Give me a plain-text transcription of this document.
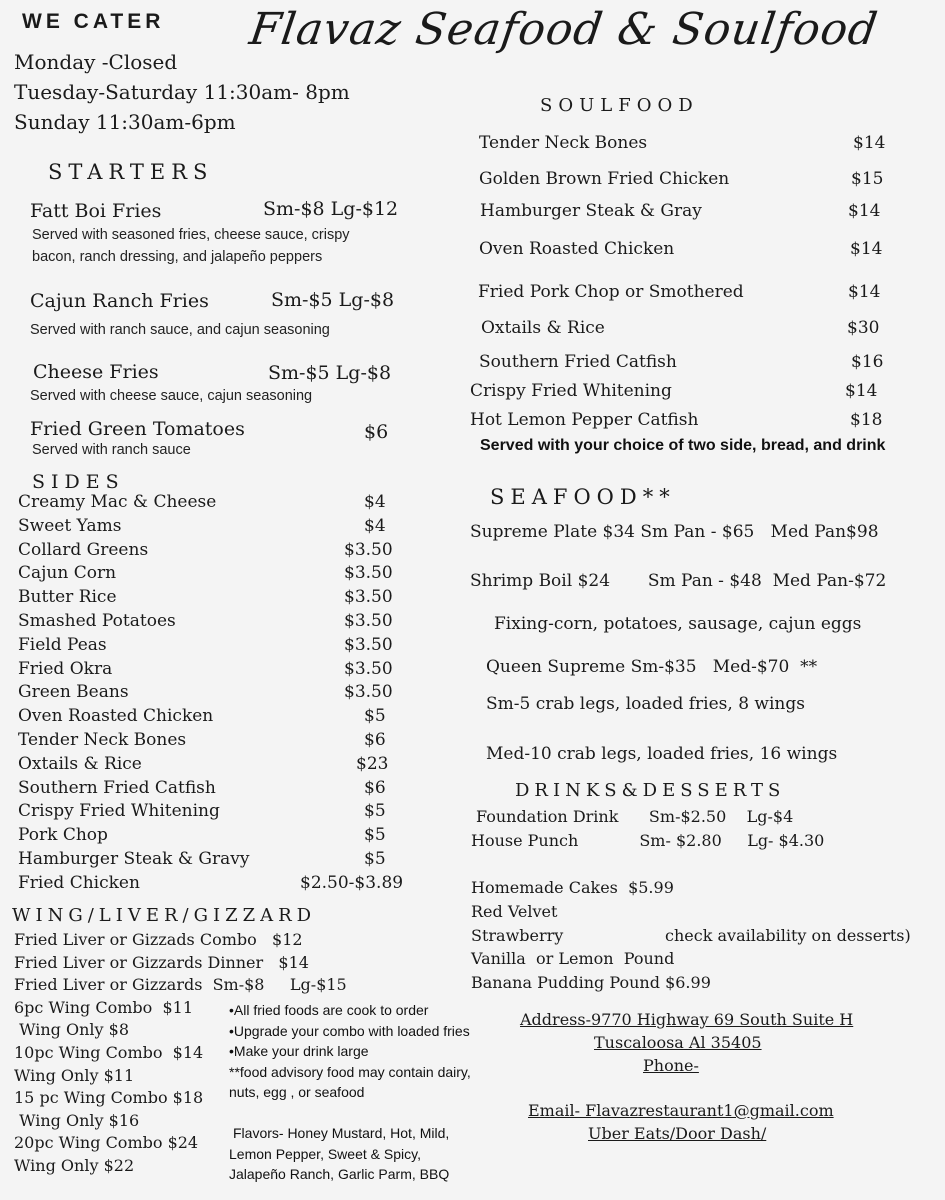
WE CATER Flavaz Seafood & Soulfood
Monday -Closed
Tuesday-Saturday 11:30am- 8pm
Sunday 11:30am-6pm
STARTERS
Fatt Boi Fries	Sm-$8 Lg-$12
Served with seasoned fries, cheese sauce, crispy
bacon, ranch dressing, and jalapeño peppers
Cajun Ranch Fries	Sm-$5 Lg-$8
Served with ranch sauce, and cajun seasoning
Cheese Fries	Sm-$5 Lg-$8
Served with cheese sauce, cajun seasoning
Fried Green Tomatoes	$6
Served with ranch sauce
SIDES
Creamy Mac & Cheese	$4
Sweet Yams	$4
Collard Greens	$3.50
Cajun Corn	$3.50
Butter Rice	$3.50
Smashed Potatoes	$3.50
Field Peas	$3.50
Fried Okra	$3.50
Green Beans	$3.50
Oven Roasted Chicken	$5
Tender Neck Bones	$6
Oxtails & Rice	$23
Southern Fried Catfish	$6
Crispy Fried Whitening	$5
Pork Chop	$5
Hamburger Steak & Gravy	$5
Fried Chicken	$2.50-$3.89
WING/LIVER/GIZZARD
Fried Liver or Gizzads Combo   $12
Fried Liver or Gizzards Dinner   $14
Fried Liver or Gizzards  Sm-$8     Lg-$15
6pc Wing Combo  $11
Wing Only $8
10pc Wing Combo  $14
Wing Only $11
15 pc Wing Combo $18
Wing Only $16
20pc Wing Combo $24
Wing Only $22
•All fried foods are cook to order
•Upgrade your combo with loaded fries
•Make your drink large
**food advisory food may contain dairy,
nuts, egg , or seafood
Flavors- Honey Mustard, Hot, Mild,
Lemon Pepper, Sweet & Spicy,
Jalapeño Ranch, Garlic Parm, BBQ
SOULFOOD
Tender Neck Bones	$14
Golden Brown Fried Chicken	$15
Hamburger Steak & Gray	$14
Oven Roasted Chicken	$14
Fried Pork Chop or Smothered	$14
Oxtails & Rice	$30
Southern Fried Catfish	$16
Crispy Fried Whitening	$14
Hot Lemon Pepper Catfish	$18
Served with your choice of two side, bread, and drink
SEAFOOD**
Supreme Plate $34 Sm Pan - $65   Med Pan$98
Shrimp Boil $24       Sm Pan - $48  Med Pan-$72
Fixing-corn, potatoes, sausage, cajun eggs
Queen Supreme Sm-$35   Med-$70  **
Sm-5 crab legs, loaded fries, 8 wings
Med-10 crab legs, loaded fries, 16 wings
DRINKS&DESSERTS
Foundation Drink      Sm-$2.50    Lg-$4
House Punch            Sm- $2.80     Lg- $4.30
Homemade Cakes  $5.99
Red Velvet
Strawberry                    check availability on desserts)
Vanilla  or Lemon  Pound
Banana Pudding Pound $6.99
Address-9770 Highway 69 South Suite H
Tuscaloosa Al 35405
Phone-
Email- Flavazrestaurant1@gmail.com
Uber Eats/Door Dash/
